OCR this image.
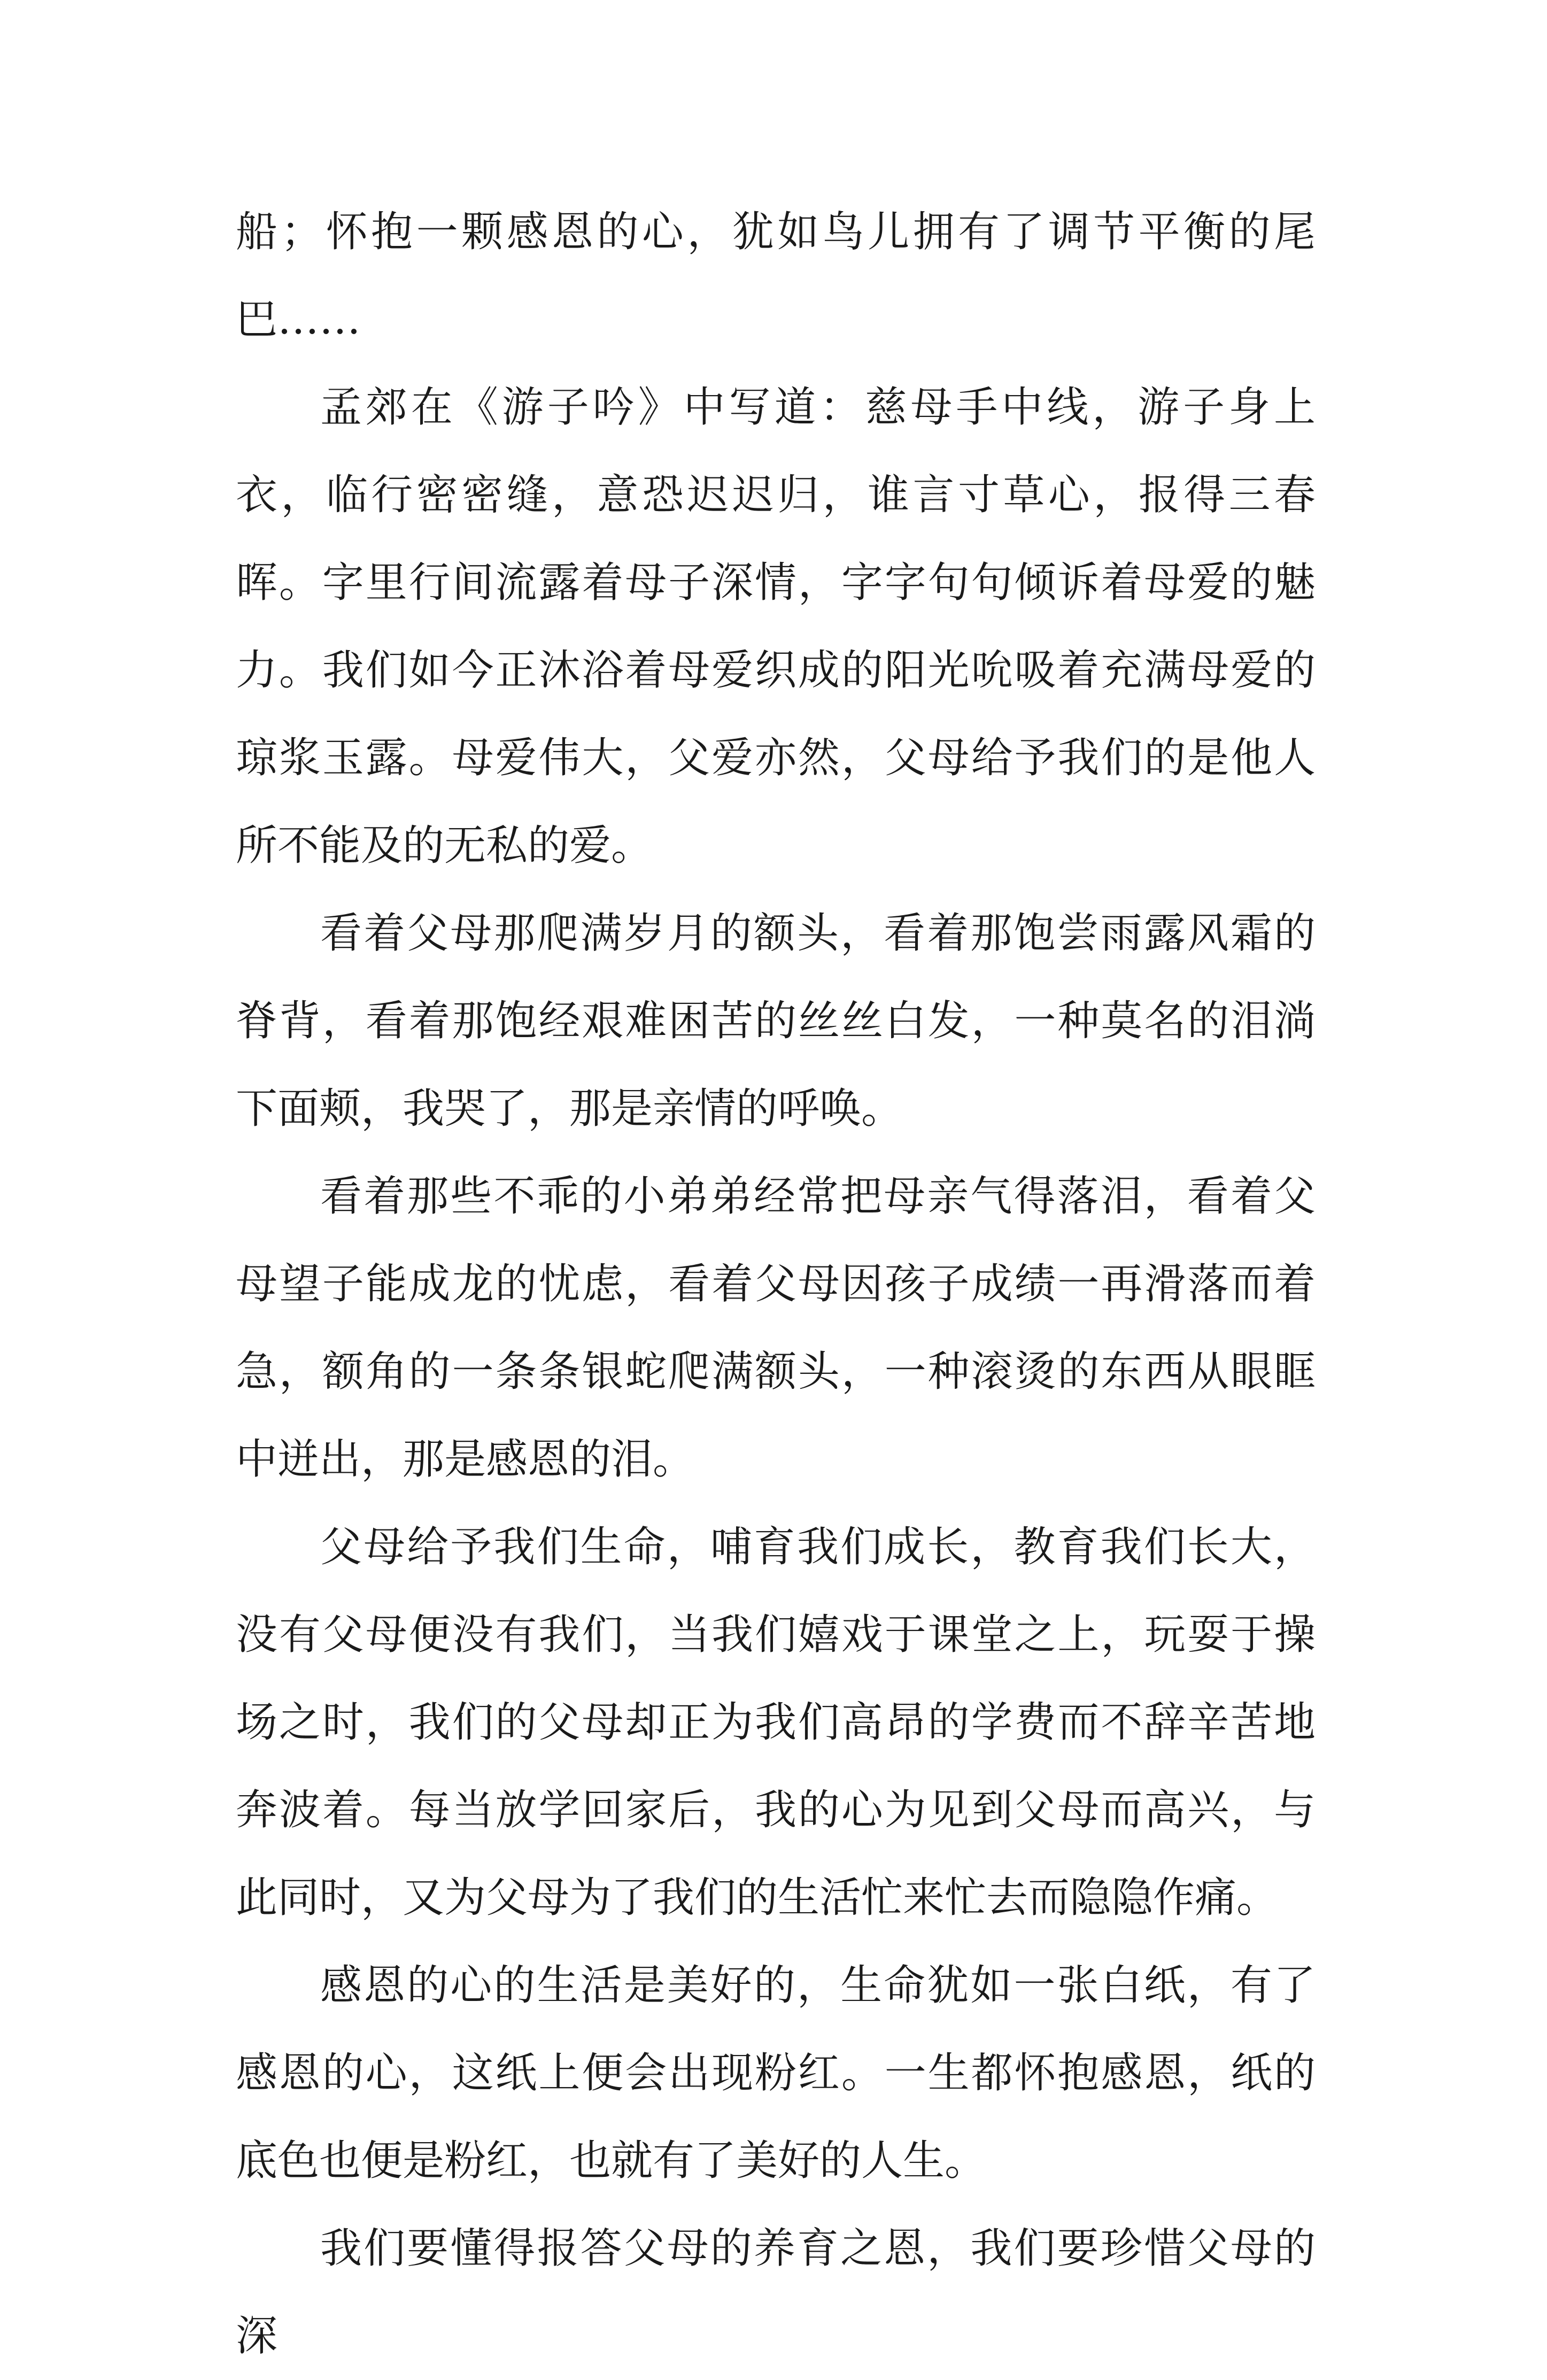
船；怀抱一颗感恩的心，犹如鸟儿拥有了调节平衡的尾巴……

孟郊在《游子吟》中写道：慈母手中线，游子身上衣，临行密密缝，意恐迟迟归，谁言寸草心，报得三春晖。字里行间流露着母子深情，字字句句倾诉着母爱的魅力。我们如今正沐浴着母爱织成的阳光吮吸着充满母爱的琼浆玉露。母爱伟大，父爱亦然，父母给予我们的是他人所不能及的无私的爱。

看着父母那爬满岁月的额头，看着那饱尝雨露风霜的脊背，看着那饱经艰难困苦的丝丝白发，一种莫名的泪淌下面颊，我哭了，那是亲情的呼唤。

看着那些不乖的小弟弟经常把母亲气得落泪，看着父母望子能成龙的忧虑，看着父母因孩子成绩一再滑落而着急，额角的一条条银蛇爬满额头，一种滚烫的东西从眼眶中迸出，那是感恩的泪。

父母给予我们生命，哺育我们成长，教育我们长大，没有父母便没有我们，当我们嬉戏于课堂之上，玩耍于操场之时，我们的父母却正为我们高昂的学费而不辞辛苦地奔波着。每当放学回家后，我的心为见到父母而高兴，与此同时，又为父母为了我们的生活忙来忙去而隐隐作痛。

感恩的心的生活是美好的，生命犹如一张白纸，有了感恩的心，这纸上便会出现粉红。一生都怀抱感恩，纸的底色也便是粉红，也就有了美好的人生。

我们要懂得报答父母的养育之恩，我们要珍惜父母的深
